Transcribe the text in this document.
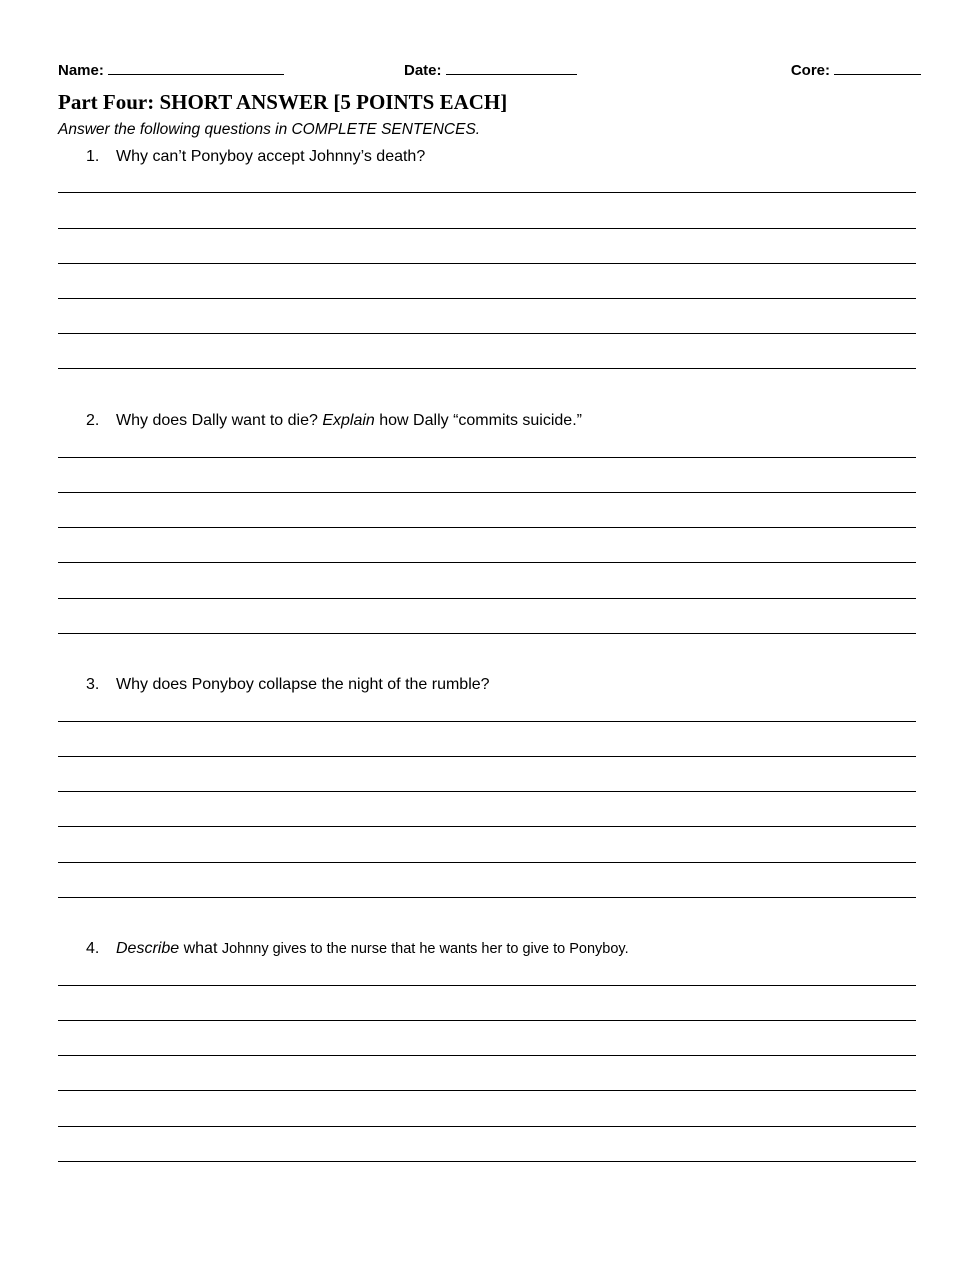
Name:	Date:	Core:
Part Four: SHORT ANSWER [5 POINTS EACH]
Answer the following questions in COMPLETE SENTENCES.
1. Why can’t Ponyboy accept Johnny’s death?
2. Why does Dally want to die? Explain how Dally “commits suicide.”
3. Why does Ponyboy collapse the night of the rumble?
4. Describe what Johnny gives to the nurse that he wants her to give to Ponyboy.
